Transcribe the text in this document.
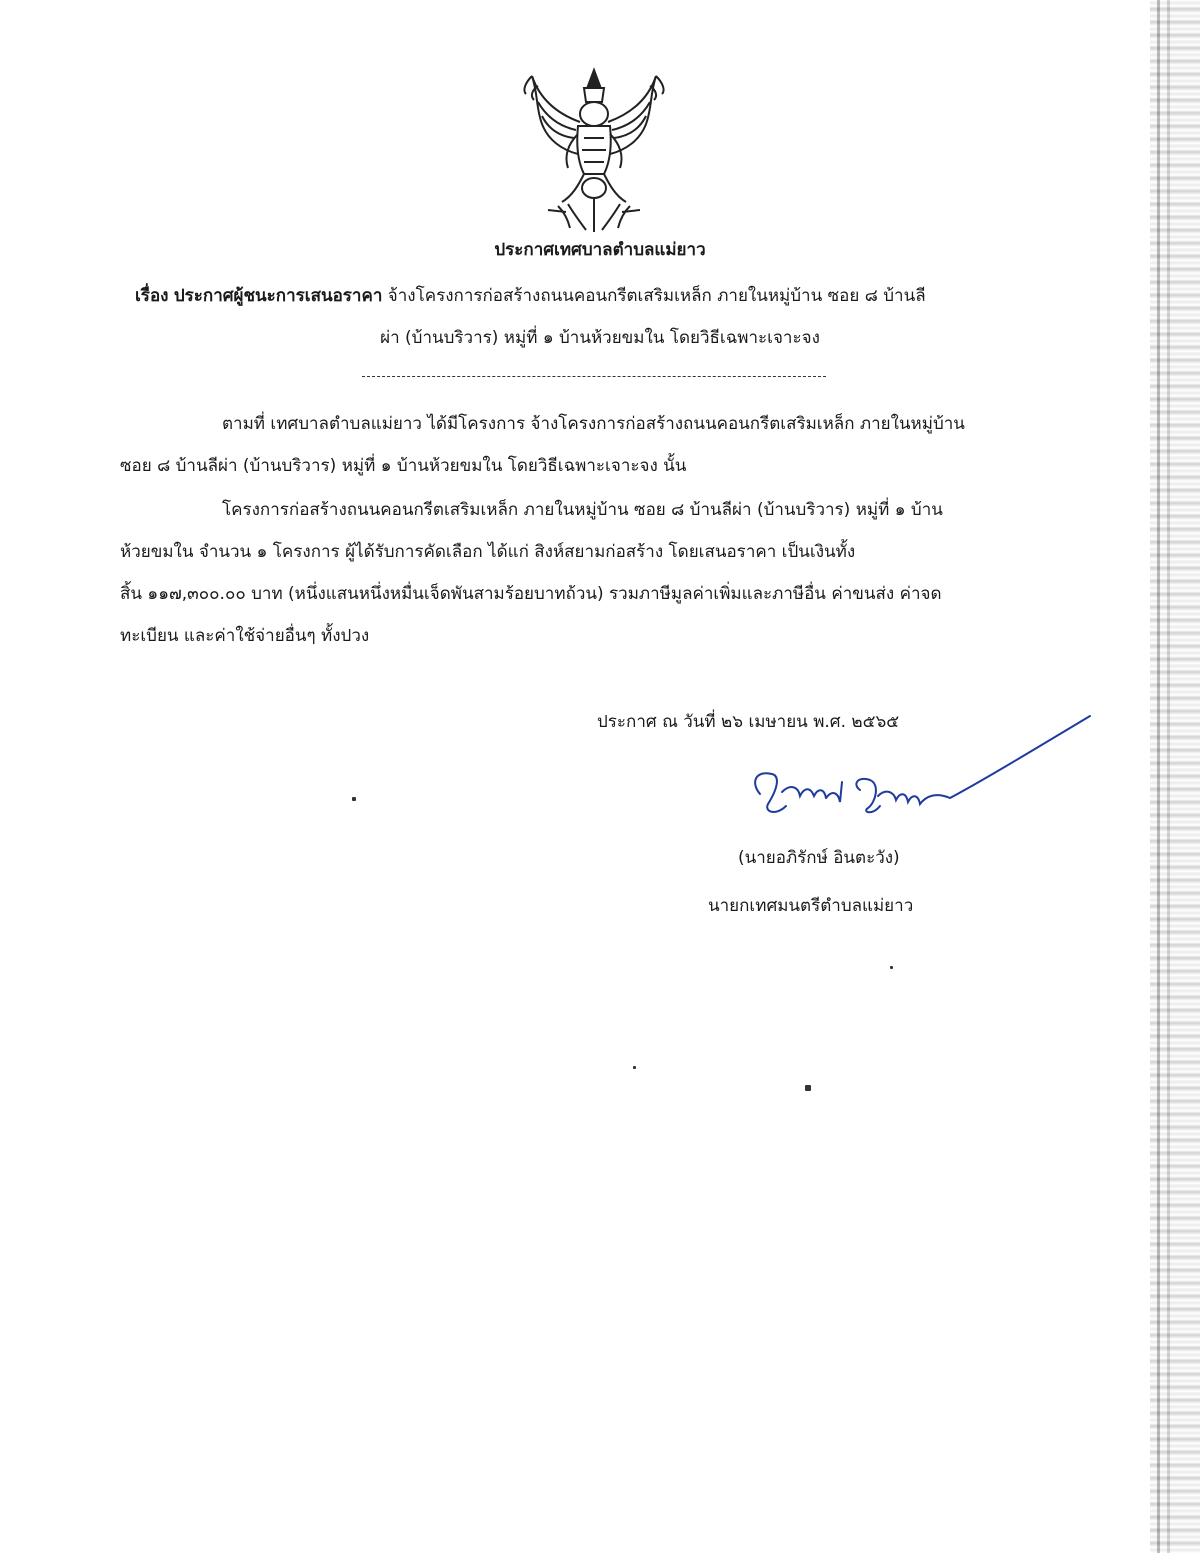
ประกาศเทศบาลตำบลแม่ยาว
เรื่อง ประกาศผู้ชนะการเสนอราคา จ้างโครงการก่อสร้างถนนคอนกรีตเสริมเหล็ก ภายในหมู่บ้าน ซอย ๘ บ้านลี
ผ่า (บ้านบริวาร) หมู่ที่ ๑ บ้านห้วยขมใน โดยวิธีเฉพาะเจาะจง
ตามที่ เทศบาลตำบลแม่ยาว ได้มีโครงการ จ้างโครงการก่อสร้างถนนคอนกรีตเสริมเหล็ก ภายในหมู่บ้าน
ซอย ๘ บ้านลีผ่า (บ้านบริวาร) หมู่ที่ ๑ บ้านห้วยขมใน โดยวิธีเฉพาะเจาะจง นั้น
โครงการก่อสร้างถนนคอนกรีตเสริมเหล็ก ภายในหมู่บ้าน ซอย ๘ บ้านลีผ่า (บ้านบริวาร) หมู่ที่ ๑ บ้าน
ห้วยขมใน จำนวน ๑ โครงการ ผู้ได้รับการคัดเลือก ได้แก่ สิงห์สยามก่อสร้าง โดยเสนอราคา เป็นเงินทั้ง
สิ้น ๑๑๗,๓๐๐.๐๐ บาท (หนึ่งแสนหนึ่งหมื่นเจ็ดพันสามร้อยบาทถ้วน) รวมภาษีมูลค่าเพิ่มและภาษีอื่น ค่าขนส่ง ค่าจด
ทะเบียน และค่าใช้จ่ายอื่นๆ ทั้งปวง
ประกาศ ณ วันที่ ๒๖ เมษายน พ.ศ. ๒๕๖๕
(นายอภิรักษ์ อินตะวัง)
นายกเทศมนตรีตำบลแม่ยาว
